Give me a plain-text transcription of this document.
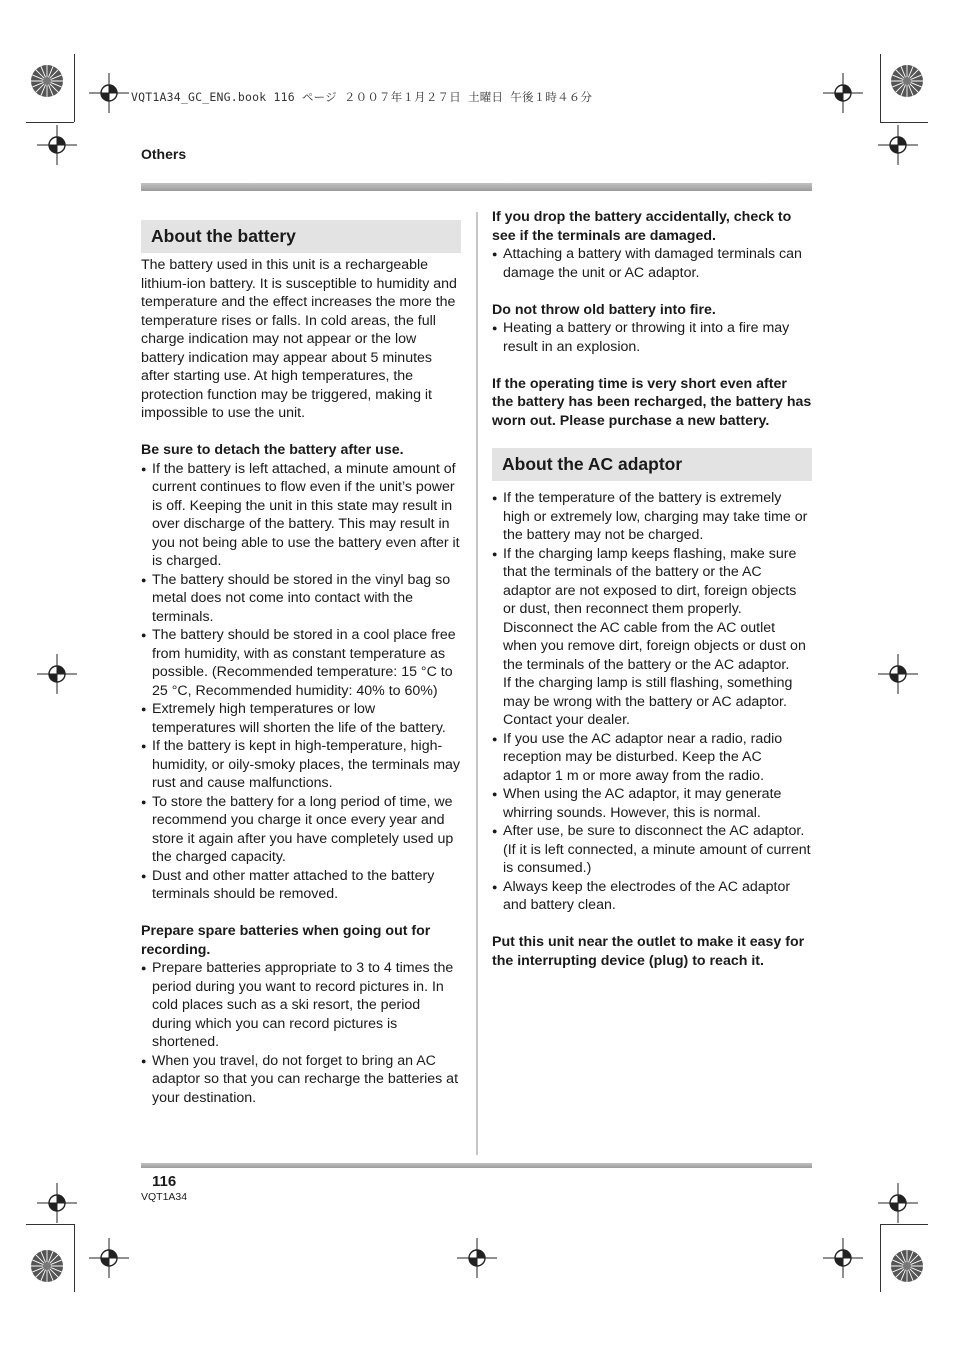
VQT1A34_GC_ENG.book 116 ページ ２００７年１月２７日 土曜日 午後１時４６分
Others
About the battery

The battery used in this unit is a rechargeable lithium-ion battery. It is susceptible to humidity and temperature and the effect increases the more the temperature rises or falls. In cold areas, the full charge indication may not appear or the low battery indication may appear about 5 minutes after starting use. At high temperatures, the protection function may be triggered, making it impossible to use the unit.

Be sure to detach the battery after use.

● If the battery is left attached, a minute amount of current continues to flow even if the unit’s power is off. Keeping the unit in this state may result in over discharge of the battery. This may result in you not being able to use the battery even after it is charged.
● The battery should be stored in the vinyl bag so metal does not come into contact with the terminals.
● The battery should be stored in a cool place free from humidity, with as constant temperature as possible. (Recommended temperature: 15 °C to 25 °C, Recommended humidity: 40% to 60%)
● Extremely high temperatures or low temperatures will shorten the life of the battery.
● If the battery is kept in high-temperature, high-humidity, or oily-smoky places, the terminals may rust and cause malfunctions.
● To store the battery for a long period of time, we recommend you charge it once every year and store it again after you have completely used up the charged capacity.
● Dust and other matter attached to the battery terminals should be removed.

Prepare spare batteries when going out for recording.

● Prepare batteries appropriate to 3 to 4 times the period during you want to record pictures in. In cold places such as a ski resort, the period during which you can record pictures is shortened.
● When you travel, do not forget to bring an AC adaptor so that you can recharge the batteries at your destination.

If you drop the battery accidentally, check to see if the terminals are damaged.

● Attaching a battery with damaged terminals can damage the unit or AC adaptor.

Do not throw old battery into fire.

● Heating a battery or throwing it into a fire may result in an explosion.

If the operating time is very short even after the battery has been recharged, the battery has worn out. Please purchase a new battery.

About the AC adaptor
● If the temperature of the battery is extremely high or extremely low, charging may take time or the battery may not be charged.
● If the charging lamp keeps flashing, make sure that the terminals of the battery or the AC adaptor are not exposed to dirt, foreign objects or dust, then reconnect them properly.
Disconnect the AC cable from the AC outlet when you remove dirt, foreign objects or dust on the terminals of the battery or the AC adaptor.
If the charging lamp is still flashing, something may be wrong with the battery or AC adaptor. Contact your dealer.
● If you use the AC adaptor near a radio, radio reception may be disturbed. Keep the AC adaptor 1 m or more away from the radio.
● When using the AC adaptor, it may generate whirring sounds. However, this is normal.
● After use, be sure to disconnect the AC adaptor. (If it is left connected, a minute amount of current is consumed.)
● Always keep the electrodes of the AC adaptor and battery clean.

Put this unit near the outlet to make it easy for the interrupting device (plug) to reach it.

116
VQT1A34
